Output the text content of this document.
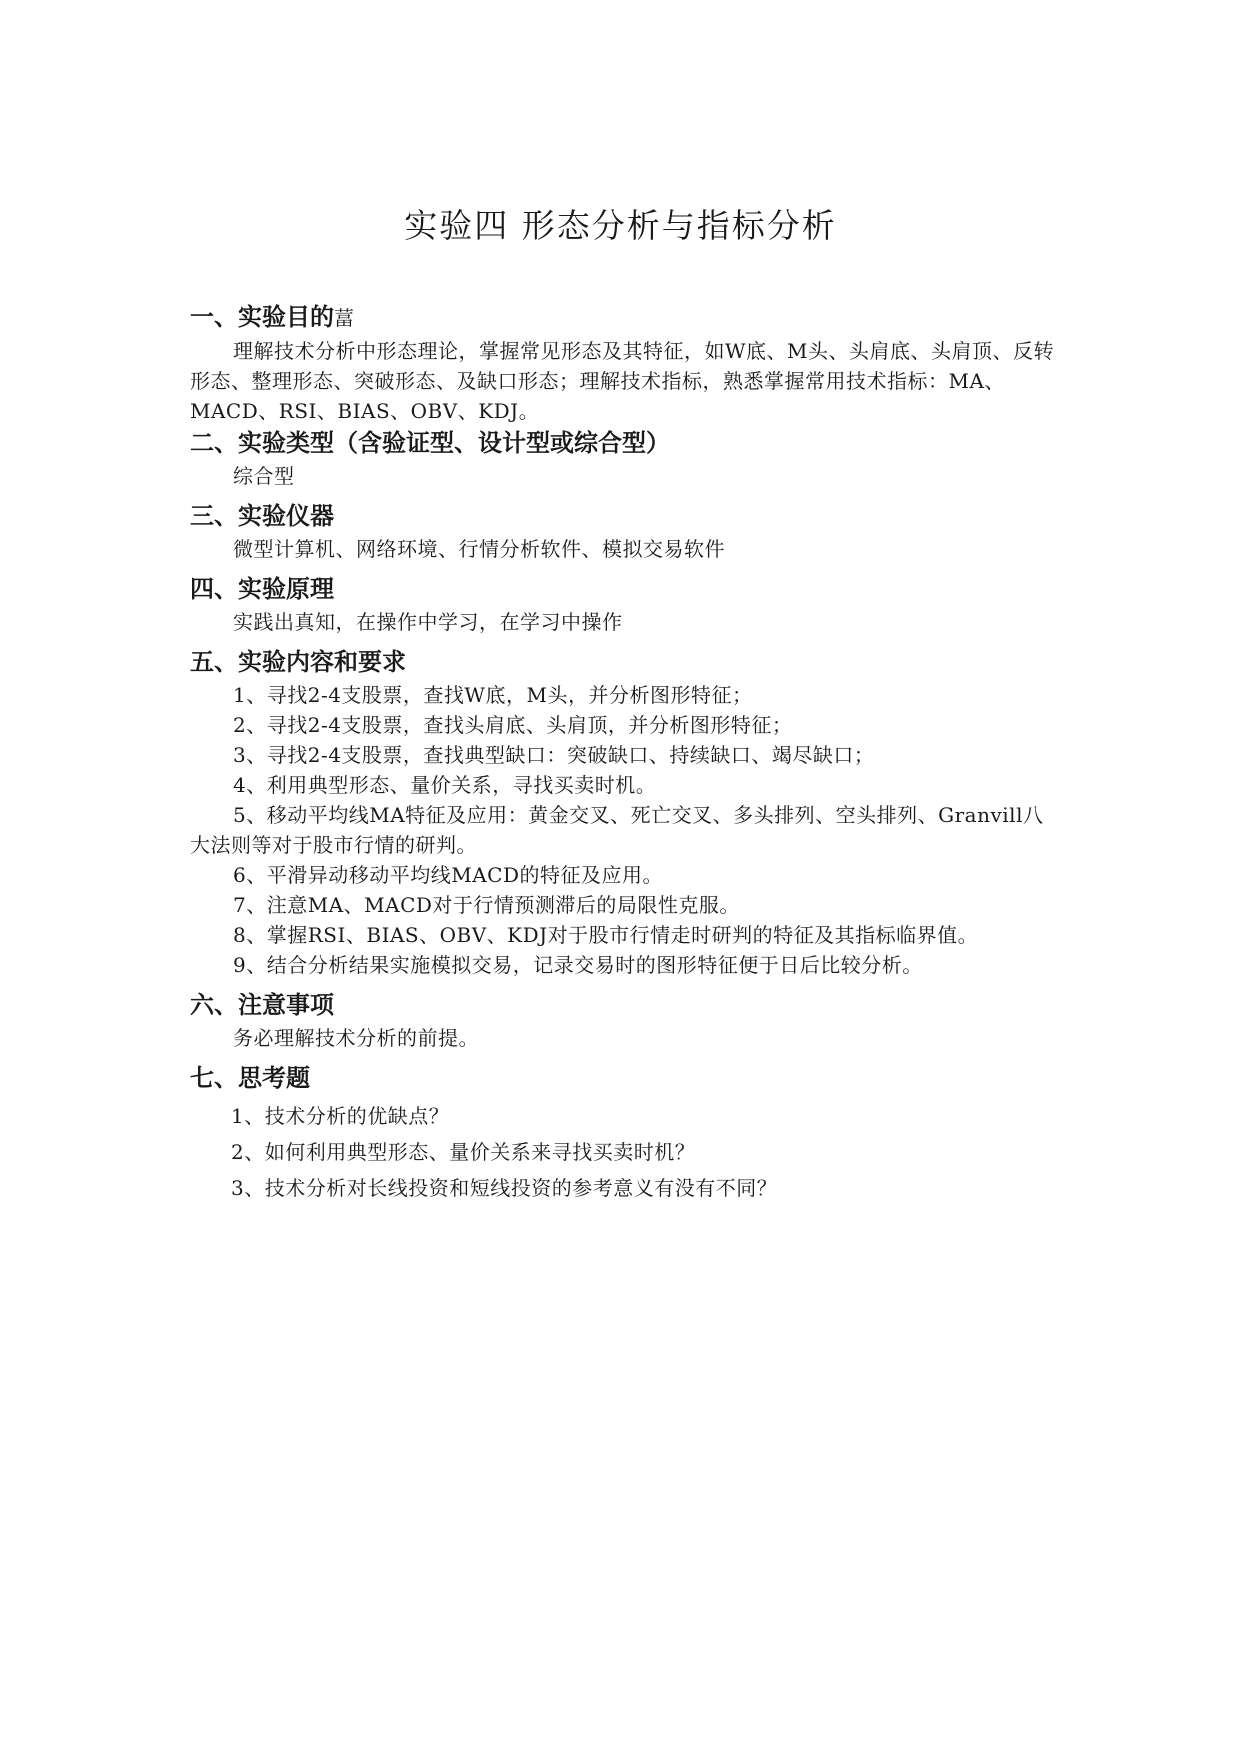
实验四 形态分析与指标分析

一、实验目的葍

理解技术分析中形态理论，掌握常见形态及其特征，如W底、M头、头肩底、头肩顶、反转形态、整理形态、突破形态、及缺口形态；理解技术指标，熟悉掌握常用技术指标：MA、MACD、RSI、BIAS、OBV、KDJ。

二、实验类型（含验证型、设计型或综合型）

综合型

三、实验仪器

微型计算机、网络环境、行情分析软件、模拟交易软件

四、实验原理

实践出真知，在操作中学习，在学习中操作

五、实验内容和要求

1、寻找2-4支股票，查找W底，M头，并分析图形特征；

2、寻找2-4支股票，查找头肩底、头肩顶，并分析图形特征；

3、寻找2-4支股票，查找典型缺口：突破缺口、持续缺口、竭尽缺口；

4、利用典型形态、量价关系，寻找买卖时机。

5、移动平均线MA特征及应用：黄金交叉、死亡交叉、多头排列、空头排列、Granvill八大法则等对于股市行情的研判。

6、平滑异动移动平均线MACD的特征及应用。

7、注意MA、MACD对于行情预测滞后的局限性克服。

8、掌握RSI、BIAS、OBV、KDJ对于股市行情走时研判的特征及其指标临界值。

9、结合分析结果实施模拟交易，记录交易时的图形特征便于日后比较分析。

六、注意事项

务必理解技术分析的前提。

七、思考题

1、技术分析的优缺点？

2、如何利用典型形态、量价关系来寻找买卖时机？

3、技术分析对长线投资和短线投资的参考意义有没有不同？
